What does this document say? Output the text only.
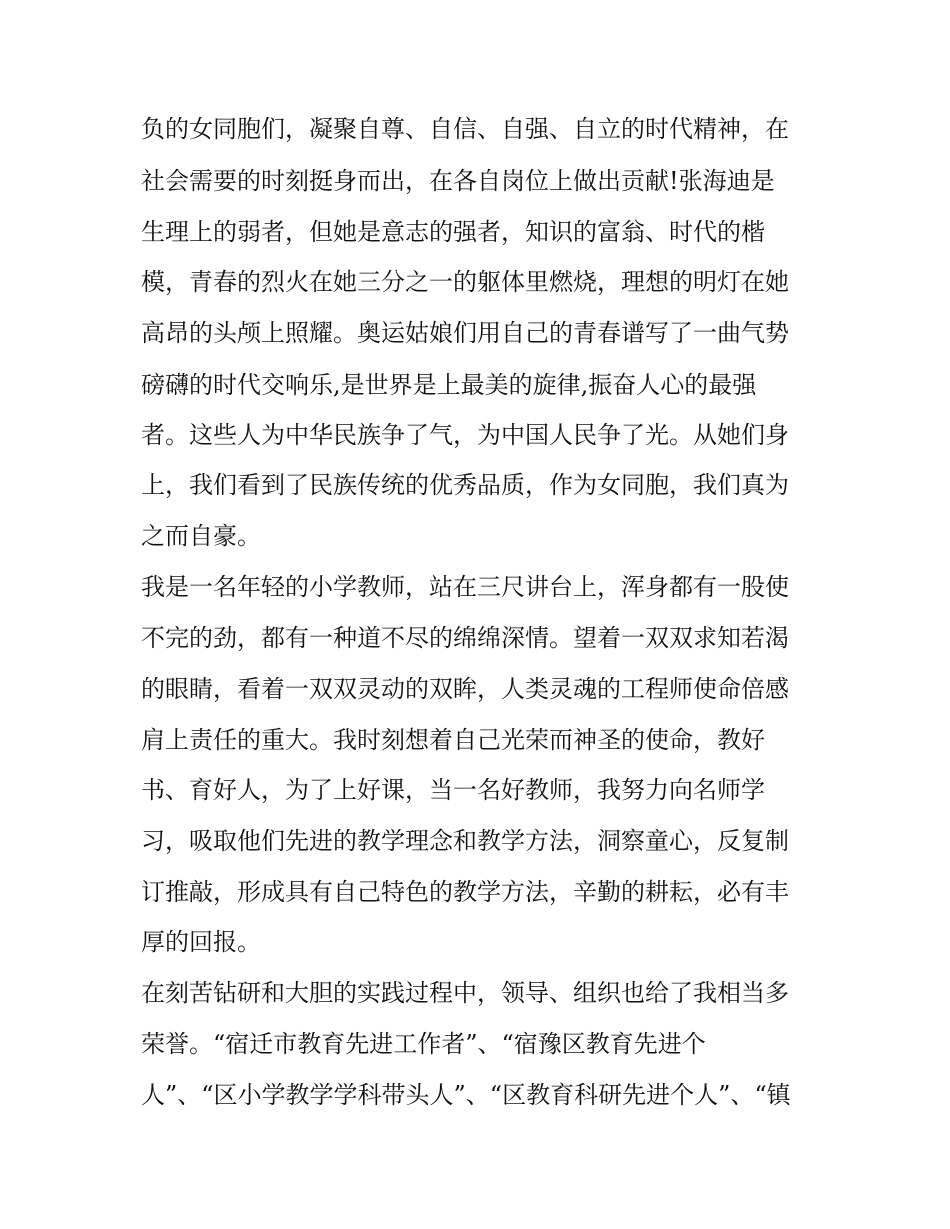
负的女同胞们，凝聚自尊、自信、自强、自立的时代精神，在
社会需要的时刻挺身而出，在各自岗位上做出贡献!张海迪是
生理上的弱者，但她是意志的强者，知识的富翁、时代的楷
模，青春的烈火在她三分之一的躯体里燃烧，理想的明灯在她
高昂的头颅上照耀。奥运姑娘们用自己的青春谱写了一曲气势
磅礴的时代交响乐,是世界是上最美的旋律,振奋人心的最强
者。这些人为中华民族争了气，为中国人民争了光。从她们身
上，我们看到了民族传统的优秀品质，作为女同胞，我们真为
之而自豪。
我是一名年轻的小学教师，站在三尺讲台上，浑身都有一股使
不完的劲，都有一种道不尽的绵绵深情。望着一双双求知若渴
的眼睛，看着一双双灵动的双眸，人类灵魂的工程师使命倍感
肩上责任的重大。我时刻想着自己光荣而神圣的使命，教好
书、育好人，为了上好课，当一名好教师，我努力向名师学
习，吸取他们先进的教学理念和教学方法，洞察童心，反复制
订推敲，形成具有自己特色的教学方法，辛勤的耕耘，必有丰
厚的回报。
在刻苦钻研和大胆的实践过程中，领导、组织也给了我相当多
荣誉。“宿迁市教育先进工作者”、“宿豫区教育先进个
人”、“区小学教学学科带头人”、“区教育科研先进个人”、“镇
